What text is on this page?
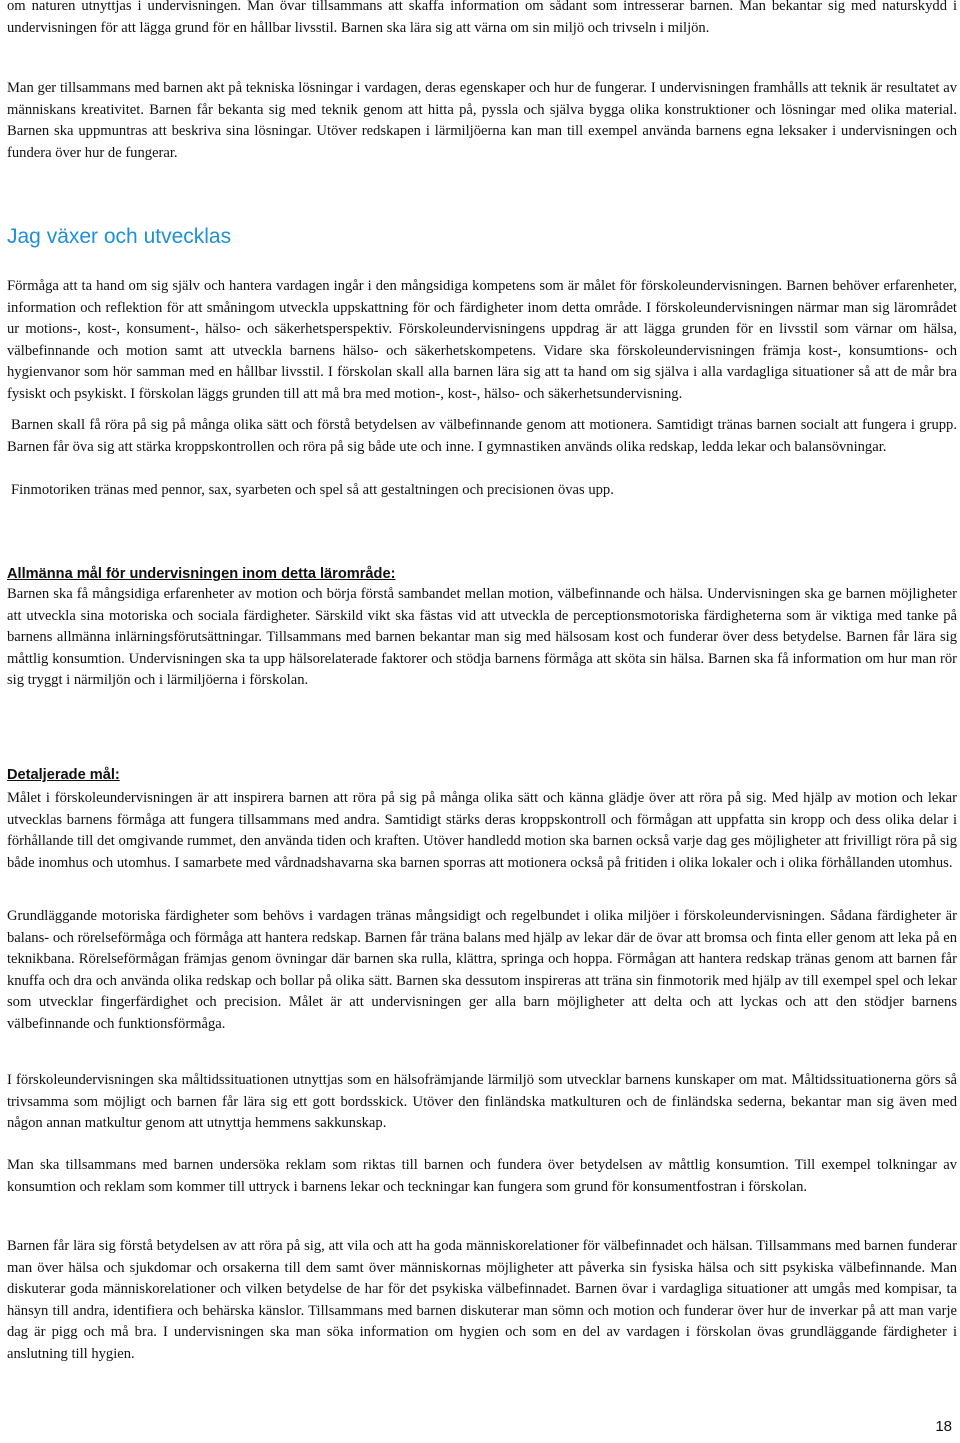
om naturen utnyttjas i undervisningen. Man övar tillsammans att skaffa information om sådant som intresserar barnen. Man bekantar sig med naturskydd i undervisningen för att lägga grund för en hållbar livsstil. Barnen ska lära sig att värna om sin miljö och trivseln i miljön.

Man ger tillsammans med barnen akt på tekniska lösningar i vardagen, deras egenskaper och hur de fungerar. I undervisningen framhålls att teknik är resultatet av människans kreativitet. Barnen får bekanta sig med teknik genom att hitta på, pyssla och själva bygga olika konstruktioner och lösningar med olika material. Barnen ska uppmuntras att beskriva sina lösningar. Utöver redskapen i lärmiljöerna kan man till exempel använda barnens egna leksaker i undervisningen och fundera över hur de fungerar.

Jag växer och utvecklas

Förmåga att ta hand om sig själv och hantera vardagen ingår i den mångsidiga kompetens som är målet för förskoleundervisningen. Barnen behöver erfarenheter, information och reflektion för att småningom utveckla uppskattning för och färdigheter inom detta område. I förskoleundervisningen närmar man sig lärområdet ur motions-, kost-, konsument-, hälso- och säkerhetsperspektiv. Förskoleundervisningens uppdrag är att lägga grunden för en livsstil som värnar om hälsa, välbefinnande och motion samt att utveckla barnens hälso- och säkerhetskompetens. Vidare ska förskoleundervisningen främja kost-, konsumtions- och hygienvanor som hör samman med en hållbar livsstil. I förskolan skall alla barnen lära sig att ta hand om sig själva i alla vardagliga situationer så att de mår bra fysiskt och psykiskt. I förskolan läggs grunden till att må bra med motion-, kost-, hälso- och säkerhetsundervisning.

Barnen skall få röra på sig på många olika sätt och förstå betydelsen av välbefinnande genom att motionera. Samtidigt tränas barnen socialt att fungera i grupp. Barnen får öva sig att stärka kroppskontrollen och röra på sig både ute och inne. I gymnastiken används olika redskap, ledda lekar och balansövningar.

Finmotoriken tränas med pennor, sax, syarbeten och spel så att gestaltningen och precisionen övas upp.

Allmänna mål för undervisningen inom detta lärområde:

Barnen ska få mångsidiga erfarenheter av motion och börja förstå sambandet mellan motion, välbefinnande och hälsa. Undervisningen ska ge barnen möjligheter att utveckla sina motoriska och sociala färdigheter. Särskild vikt ska fästas vid att utveckla de perceptionsmotoriska färdigheterna som är viktiga med tanke på barnens allmänna inlärningsförutsättningar. Tillsammans med barnen bekantar man sig med hälsosam kost och funderar över dess betydelse. Barnen får lära sig måttlig konsumtion. Undervisningen ska ta upp hälsorelaterade faktorer och stödja barnens förmåga att sköta sin hälsa. Barnen ska få information om hur man rör sig tryggt i närmiljön och i lärmiljöerna i förskolan.

Detaljerade mål:

Målet i förskoleundervisningen är att inspirera barnen att röra på sig på många olika sätt och känna glädje över att röra på sig. Med hjälp av motion och lekar utvecklas barnens förmåga att fungera tillsammans med andra. Samtidigt stärks deras kroppskontroll och förmågan att uppfatta sin kropp och dess olika delar i förhållande till det omgivande rummet, den använda tiden och kraften. Utöver handledd motion ska barnen också varje dag ges möjligheter att frivilligt röra på sig både inomhus och utomhus. I samarbete med vårdnadshavarna ska barnen sporras att motionera också på fritiden i olika lokaler och i olika förhållanden utomhus.

Grundläggande motoriska färdigheter som behövs i vardagen tränas mångsidigt och regelbundet i olika miljöer i förskoleundervisningen. Sådana färdigheter är balans- och rörelseförmåga och förmåga att hantera redskap. Barnen får träna balans med hjälp av lekar där de övar att bromsa och finta eller genom att leka på en teknikbana. Rörelseförmågan främjas genom övningar där barnen ska rulla, klättra, springa och hoppa. Förmågan att hantera redskap tränas genom att barnen får knuffa och dra och använda olika redskap och bollar på olika sätt. Barnen ska dessutom inspireras att träna sin finmotorik med hjälp av till exempel spel och lekar som utvecklar fingerfärdighet och precision. Målet är att undervisningen ger alla barn möjligheter att delta och att lyckas och att den stödjer barnens välbefinnande och funktionsförmåga.

I förskoleundervisningen ska måltidssituationen utnyttjas som en hälsofrämjande lärmiljö som utvecklar barnens kunskaper om mat. Måltidssituationerna görs så trivsamma som möjligt och barnen får lära sig ett gott bordsskick. Utöver den finländska matkulturen och de finländska sederna, bekantar man sig även med någon annan matkultur genom att utnyttja hemmens sakkunskap.

Man ska tillsammans med barnen undersöka reklam som riktas till barnen och fundera över betydelsen av måttlig konsumtion. Till exempel tolkningar av konsumtion och reklam som kommer till uttryck i barnens lekar och teckningar kan fungera som grund för konsumentfostran i förskolan.

Barnen får lära sig förstå betydelsen av att röra på sig, att vila och att ha goda människorelationer för välbefinnadet och hälsan. Tillsammans med barnen funderar man över hälsa och sjukdomar och orsakerna till dem samt över människornas möjligheter att påverka sin fysiska hälsa och sitt psykiska välbefinnande. Man diskuterar goda människorelationer och vilken betydelse de har för det psykiska välbefinnadet. Barnen övar i vardagliga situationer att umgås med kompisar, ta hänsyn till andra, identifiera och behärska känslor. Tillsammans med barnen diskuterar man sömn och motion och funderar över hur de inverkar på att man varje dag är pigg och må bra. I undervisningen ska man söka information om hygien och som en del av vardagen i förskolan övas grundläggande färdigheter i anslutning till hygien.

18
